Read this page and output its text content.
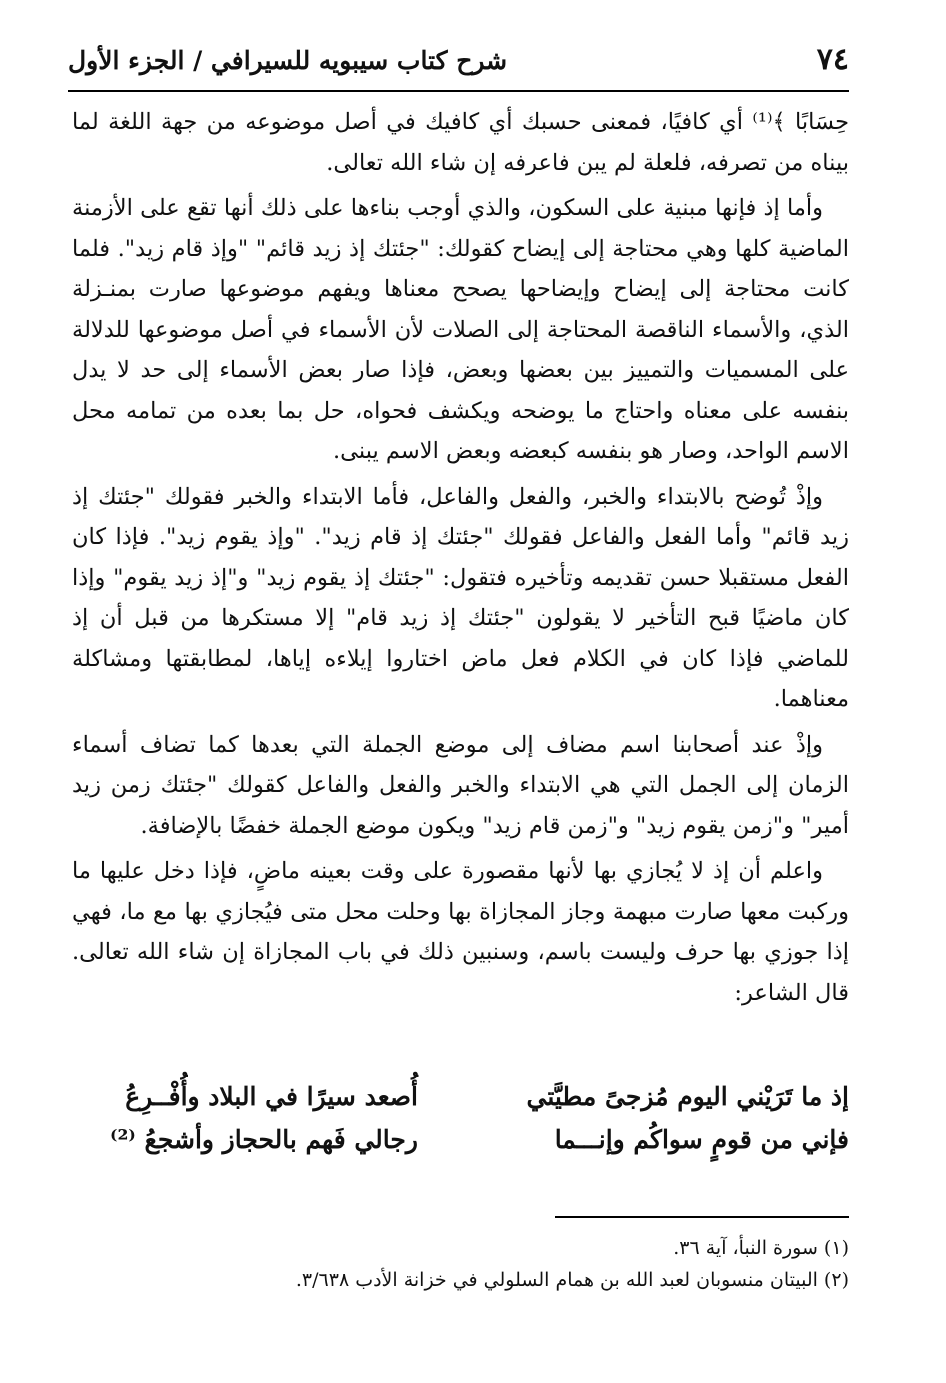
٧٤
شرح كتاب سيبويه للسيرافي / الجزء الأول

حِسَابًا ﴾⁽¹⁾ أي كافيًا، فمعنى حسبك أي كافيك في أصل موضوعه من جهة اللغة لما بيناه من تصرفه، فلعلة لم يبن فاعرفه إن شاء الله تعالى.

وأما إذ فإنها مبنية على السكون، والذي أوجب بناءها على ذلك أنها تقع على الأزمنة الماضية كلها وهي محتاجة إلى إيضاح كقولك: "جئتك إذ زيد قائم" "وإذ قام زيد". فلما كانت محتاجة إلى إيضاح وإيضاحها يصحح معناها ويفهم موضوعها صارت بمنـزلة الذي، والأسماء الناقصة المحتاجة إلى الصلات لأن الأسماء في أصل موضوعها للدلالة على المسميات والتمييز بين بعضها وبعض، فإذا صار بعض الأسماء إلى حد لا يدل بنفسه على معناه واحتاج ما يوضحه ويكشف فحواه، حل بما بعده من تمامه محل الاسم الواحد، وصار هو بنفسه كبعضه وبعض الاسم يبنى.

وإذْ تُوضح بالابتداء والخبر، والفعل والفاعل، فأما الابتداء والخبر فقولك "جئتك إذ زيد قائم" وأما الفعل والفاعل فقولك "جئتك إذ قام زيد". "وإذ يقوم زيد". فإذا كان الفعل مستقبلا حسن تقديمه وتأخيره فتقول: "جئتك إذ يقوم زيد" و"إذ زيد يقوم" وإذا كان ماضيًا قبح التأخير لا يقولون "جئتك إذ زيد قام" إلا مستكرها من قبل أن إذ للماضي فإذا كان في الكلام فعل ماض اختاروا إيلاءه إياها، لمطابقتها ومشاكلة معناهما.

وإذْ عند أصحابنا اسم مضاف إلى موضع الجملة التي بعدها كما تضاف أسماء الزمان إلى الجمل التي هي الابتداء والخبر والفعل والفاعل كقولك "جئتك زمن زيد أمير" و"زمن يقوم زيد" و"زمن قام زيد" ويكون موضع الجملة خفضًا بالإضافة.

واعلم أن إذ لا يُجازي بها لأنها مقصورة على وقت بعينه ماضٍ، فإذا دخل عليها ما وركبت معها صارت مبهمة وجاز المجازاة بها وحلت محل متى فيُجازي بها مع ما، فهي إذا جوزي بها حرف وليست باسم، وسنبين ذلك في باب المجازاة إن شاء الله تعالى. قال الشاعر:

إذ ما تَرَيْني اليوم مُزجىً مطيَّتي
فإني من قومٍ سواكُم وإنـــما
أُصعد سيرًا في البلاد وأُفْــرِعُ
رجالي فَهم بالحجاز وأشجعُ ⁽²⁾
(١) سورة النبأ، آية ٣٦.
(٢) البيتان منسوبان لعبد الله بن همام السلولي في خزانة الأدب ٣/٦٣٨.
